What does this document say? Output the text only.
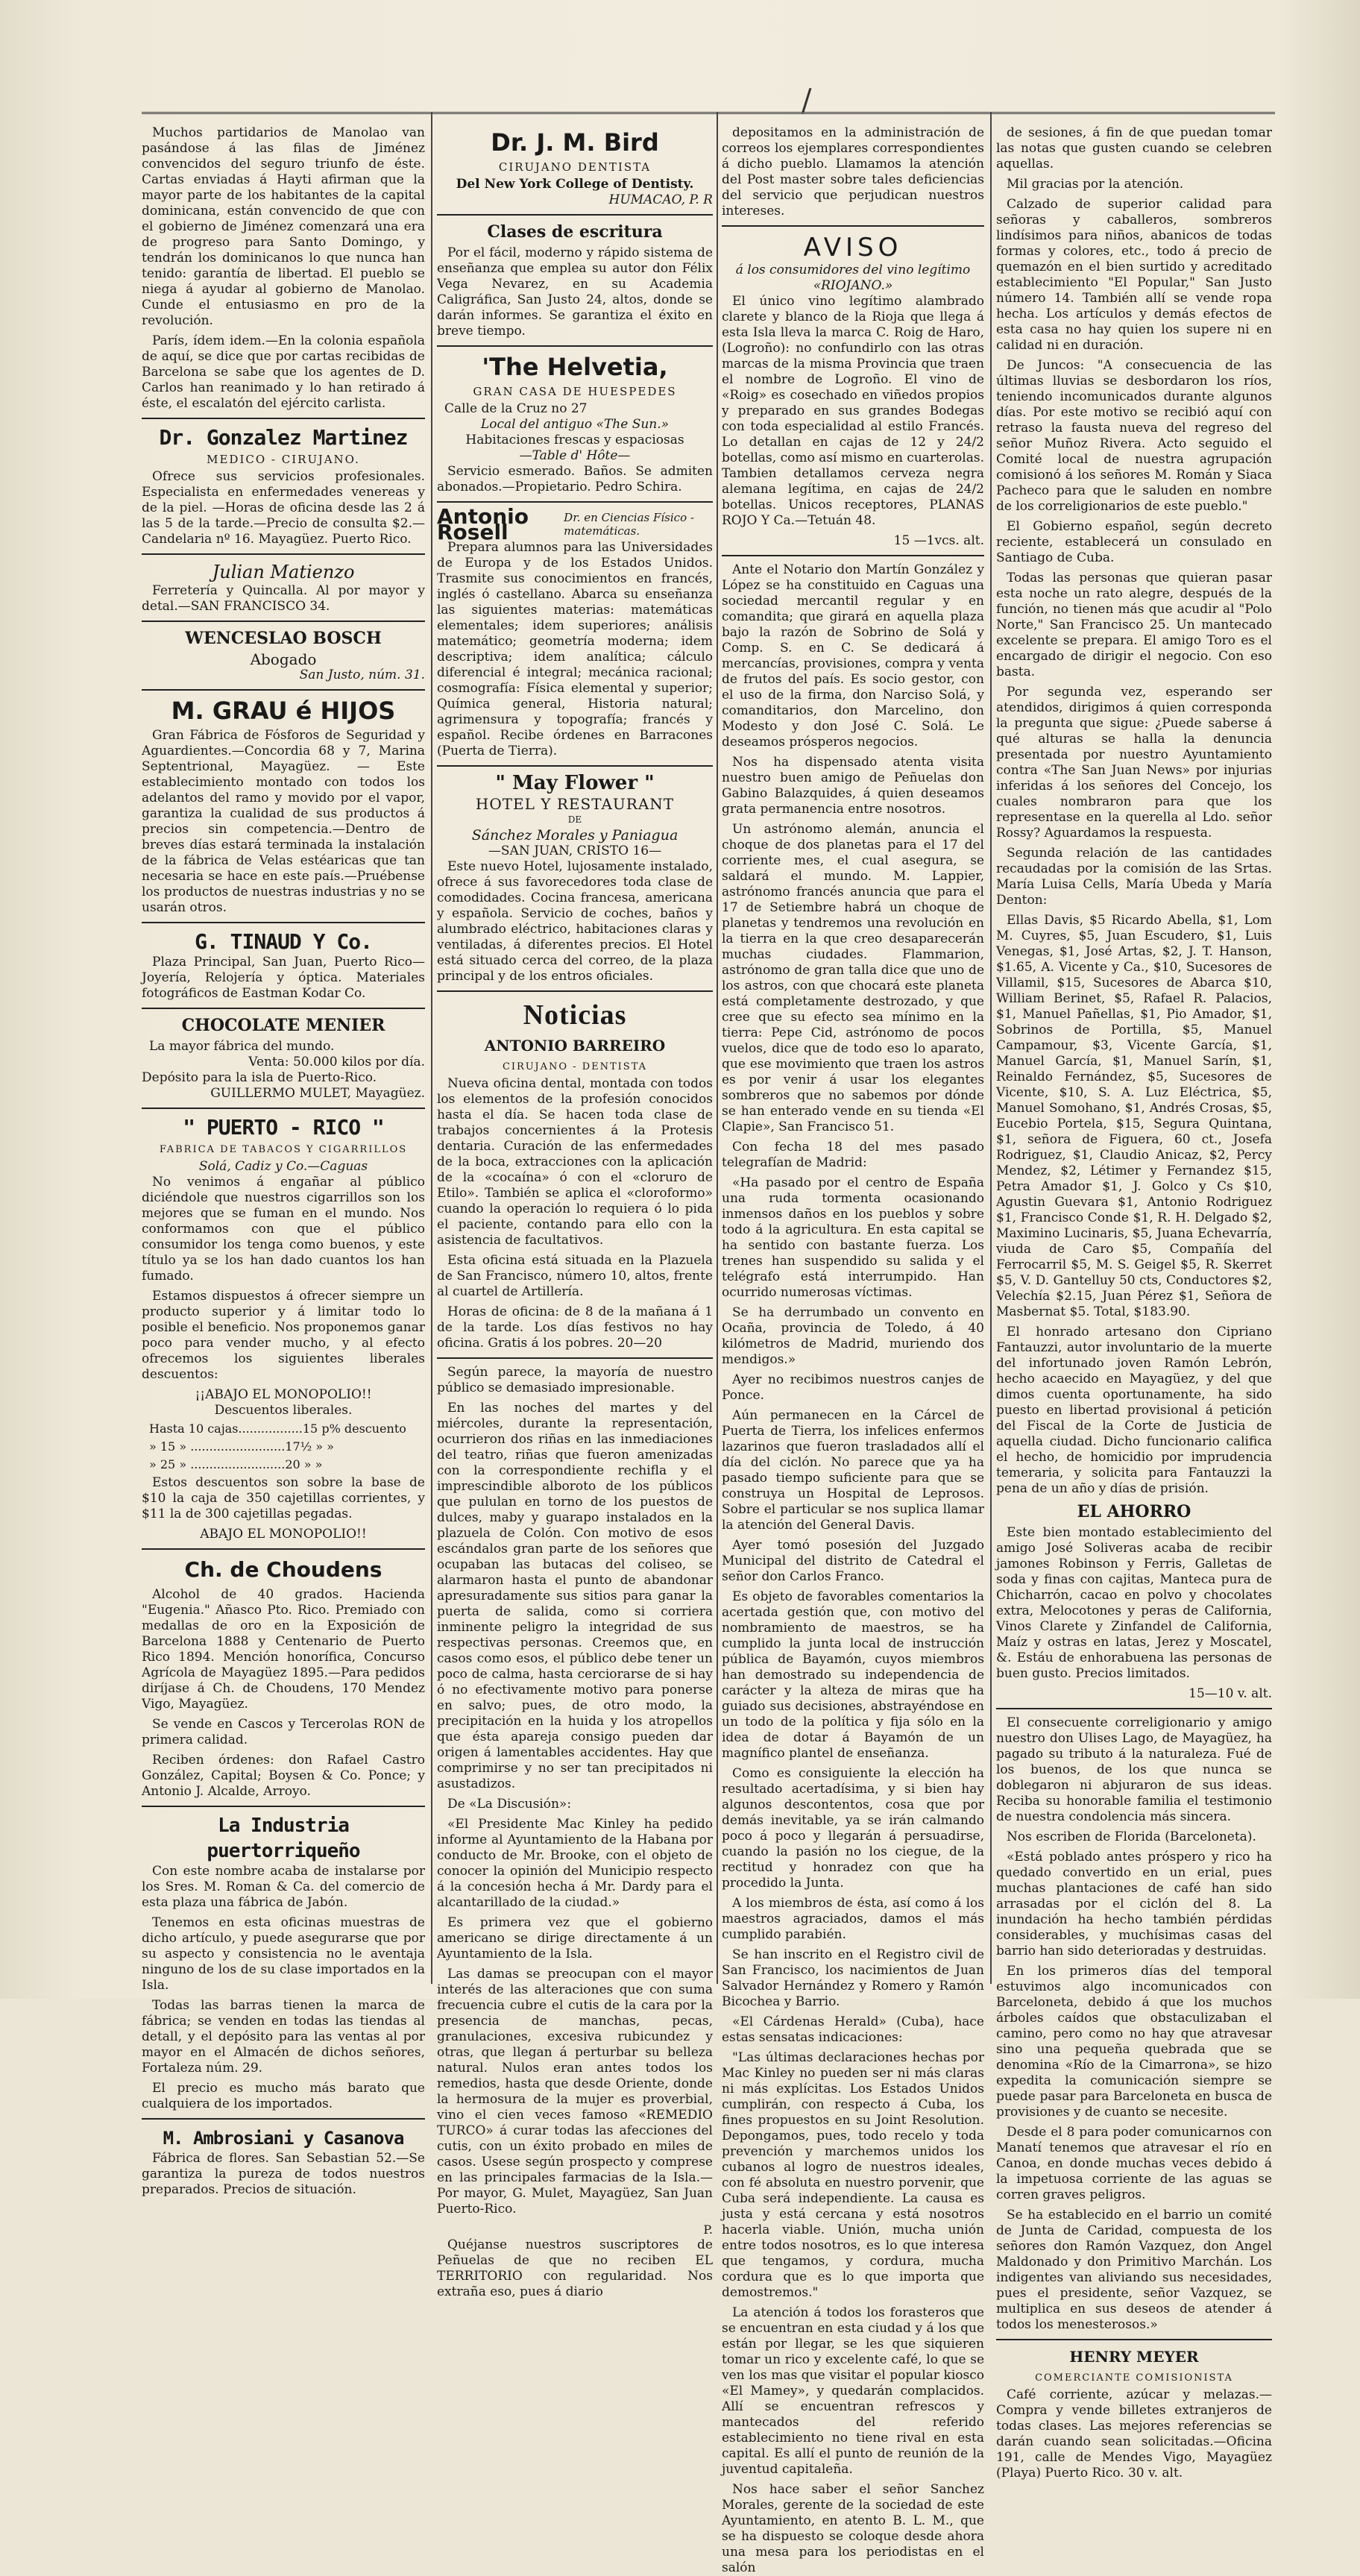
/

Muchos partidarios de Manolao van pasándose á las filas de Jiménez convencidos del seguro triunfo de éste. Cartas enviadas á Hayti afirman que la mayor parte de los habitantes de la capital dominicana, están convencido de que con el gobierno de Jiménez comenzará una era de progreso para Santo Domingo, y tendrán los dominicanos lo que nunca han tenido: garantía de libertad. El pueblo se niega á ayudar al gobierno de Manolao. Cunde el entusiasmo en pro de la revolución.

París, ídem idem.—En la colonia española de aquí, se dice que por cartas recibidas de Barcelona se sabe que los agentes de D. Carlos han reanimado y lo han retirado á éste, el escalatón del ejército carlista.

Dr. Gonzalez Martinez
MEDICO - CIRUJANO.

Ofrece sus servicios profesionales. Especialista en enfermedades venereas y de la piel. —Horas de oficina desde las 2 á las 5 de la tarde.—Precio de consulta $2.—Candelaria nº 16. Mayagüez. Puerto Rico.

Julian Matienzo

Ferretería y Quincalla. Al por mayor y detal.—SAN FRANCISCO 34.

WENCESLAO BOSCH
Abogado
San Justo, núm. 31.
M. GRAU é HIJOS

Gran Fábrica de Fósforos de Seguridad y Aguardientes.—Concordia 68 y 7, Marina Septentrional, Mayagüez. — Este establecimiento montado con todos los adelantos del ramo y movido por el vapor, garantiza la cualidad de sus productos á precios sin competencia.—Dentro de breves días estará terminada la instalación de la fábrica de Velas estéaricas que tan necesaria se hace en este país.—Pruébense los productos de nuestras industrias y no se usarán otros.

G. TINAUD Y Co.

Plaza Principal, San Juan, Puerto Rico—Joyería, Relojería y óptica. Materiales fotográficos de Eastman Kodar Co.

CHOCOLATE MENIER
La mayor fábrica del mundo.
Venta: 50.000 kilos por día.
Depósito para la isla de Puerto-Rico.
GUILLERMO MULET, Mayagüez.
" PUERTO - RICO "
FABRICA DE TABACOS Y CIGARRILLOS
Solá, Cadiz y Co.—Caguas

No venimos á engañar al público diciéndole que nuestros cigarrillos son los mejores que se fuman en el mundo. Nos conformamos con que el público consumidor los tenga como buenos, y este título ya se los han dado cuantos los han fumado.

Estamos dispuestos á ofrecer siempre un producto superior y á limitar todo lo posible el beneficio. Nos proponemos ganar poco para vender mucho, y al efecto ofrecemos los siguientes liberales descuentos:

¡¡ABAJO EL MONOPOLIO!!
Descuentos liberales.
Hasta 10 cajas.................15 p% descuento
» 15 » .........................17½ » »
» 25 » .........................20 » »

Estos descuentos son sobre la base de $10 la caja de 350 cajetillas corrientes, y $11 la de 300 cajetillas pegadas.

ABAJO EL MONOPOLIO!!
Ch. de Choudens

Alcohol de 40 grados. Hacienda "Eugenia." Añasco Pto. Rico. Premiado con medallas de oro en la Exposición de Barcelona 1888 y Centenario de Puerto Rico 1894. Mención honorífica, Concurso Agrícola de Mayagüez 1895.—Para pedidos diríjase á Ch. de Choudens, 170 Mendez Vigo, Mayagüez.

Se vende en Cascos y Tercerolas RON de primera calidad.

Reciben órdenes: don Rafael Castro González, Capital; Boysen & Co. Ponce; y Antonio J. Alcalde, Arroyo.

La Industria puertorriqueño

Con este nombre acaba de instalarse por los Sres. M. Roman & Ca. del comercio de esta plaza una fábrica de Jabón.

Tenemos en esta oficinas muestras de dicho artículo, y puede asegurarse que por su aspecto y consistencia no le aventaja ninguno de los de su clase importados en la Isla.

Todas las barras tienen la marca de fábrica; se venden en todas las tiendas al detall, y el depósito para las ventas al por mayor en el Almacén de dichos señores, Fortaleza núm. 29.

El precio es mucho más barato que cualquiera de los importados.

M. Ambrosiani y Casanova

Fábrica de flores. San Sebastian 52.—Se garantiza la pureza de todos nuestros preparados. Precios de situación.

Dr. J. M. Bird
CIRUJANO DENTISTA
Del New York College of Dentisty.
HUMACAO, P. R
Clases de escritura

Por el fácil, moderno y rápido sistema de enseñanza que emplea su autor don Félix Vega Nevarez, en su Academia Caligráfica, San Justo 24, altos, donde se darán informes. Se garantiza el éxito en breve tiempo.

'The Helvetia,
GRAN CASA DE HUESPEDES
Calle de la Cruz no 27
Local del antiguo «The Sun.»
Habitaciones frescas y espaciosas
—Table d' Hôte—

Servicio esmerado. Baños. Se admiten abonados.—Propietario. Pedro Schira.

Antonio Rosell
Dr. en Ciencias Físico - matemáticas.

Prepara alumnos para las Universidades de Europa y de los Estados Unidos. Trasmite sus conocimientos en francés, inglés ó castellano. Abarca su enseñanza las siguientes materias: matemáticas elementales; idem superiores; análisis matemático; geometría moderna; idem descriptiva; idem analítica; cálculo diferencial é integral; mecánica racional; cosmografía: Física elemental y superior; Química general, Historia natural; agrimensura y topografía; francés y español. Recibe órdenes en Barracones (Puerta de Tierra).

" May Flower "
HOTEL Y RESTAURANT
DE
Sánchez Morales y Paniagua
—SAN JUAN, CRISTO 16—

Este nuevo Hotel, lujosamente instalado, ofrece á sus favorecedores toda clase de comodidades. Cocina francesa, americana y española. Servicio de coches, baños y alumbrado eléctrico, habitaciones claras y ventiladas, á diferentes precios. El Hotel está situado cerca del correo, de la plaza principal y de los entros oficiales.

Noticias
ANTONIO BARREIRO
CIRUJANO - DENTISTA

Nueva oficina dental, montada con todos los elementos de la profesión conocidos hasta el día. Se hacen toda clase de trabajos concernientes á la Protesis dentaria. Curación de las enfermedades de la boca, extracciones con la aplicación de la «cocaína» ó con el «cloruro de Etilo». También se aplica el «cloroformo» cuando la operación lo requiera ó lo pida el paciente, contando para ello con la asistencia de facultativos.

Esta oficina está situada en la Plazuela de San Francisco, número 10, altos, frente al cuartel de Artillería.

Horas de oficina: de 8 de la mañana á 1 de la tarde. Los días festivos no hay oficina. Gratis á los pobres. 20—20

Según parece, la mayoría de nuestro público se demasiado impresionable.

En las noches del martes y del miércoles, durante la representación, ocurrieron dos riñas en las inmediaciones del teatro, riñas que fueron amenizadas con la correspondiente rechifla y el imprescindible alboroto de los públicos que pululan en torno de los puestos de dulces, maby y guarapo instalados en la plazuela de Colón. Con motivo de esos escándalos gran parte de los señores que ocupaban las butacas del coliseo, se alarmaron hasta el punto de abandonar apresuradamente sus sitios para ganar la puerta de salida, como si corriera inminente peligro la integridad de sus respectivas personas. Creemos que, en casos como esos, el público debe tener un poco de calma, hasta cerciorarse de si hay ó no efectivamente motivo para ponerse en salvo; pues, de otro modo, la precipitación en la huida y los atropellos que ésta apareja consigo pueden dar origen á lamentables accidentes. Hay que comprimirse y no ser tan precipitados ni asustadizos.

De «La Discusión»:

«El Presidente Mac Kinley ha pedido informe al Ayuntamiento de la Habana por conducto de Mr. Brooke, con el objeto de conocer la opinión del Municipio respecto á la concesión hecha á Mr. Dardy para el alcantarillado de la ciudad.»

Es primera vez que el gobierno americano se dirige directamente á un Ayuntamiento de la Isla.

Las damas se preocupan con el mayor interés de las alteraciones que con suma frecuencia cubre el cutis de la cara por la presencia de manchas, pecas, granulaciones, excesiva rubicundez y otras, que llegan á perturbar su belleza natural. Nulos eran antes todos los remedios, hasta que desde Oriente, donde la hermosura de la mujer es proverbial, vino el cien veces famoso «REMEDIO TURCO» á curar todas las afecciones del cutis, con un éxito probado en miles de casos. Usese según prospecto y comprese en las principales farmacias de la Isla.—Por mayor, G. Mulet, Mayagüez, San Juan Puerto-Rico.

P.

Quéjanse nuestros suscriptores de Peñuelas de que no reciben EL TERRITORIO con regularidad. Nos extraña eso, pues á diario

depositamos en la administración de correos los ejemplares correspondientes á dicho pueblo. Llamamos la atención del Post master sobre tales deficiencias del servicio que perjudican nuestros intereses.

AVISO
á los consumidores del vino legítimo «RIOJANO.»

El único vino legítimo alambrado clarete y blanco de la Rioja que llega á esta Isla lleva la marca C. Roig de Haro, (Logroño): no confundirlo con las otras marcas de la misma Provincia que traen el nombre de Logroño. El vino de «Roig» es cosechado en viñedos propios y preparado en sus grandes Bodegas con toda especialidad al estilo Francés. Lo detallan en cajas de 12 y 24/2 botellas, como así mismo en cuarterolas. Tambien detallamos cerveza negra alemana legítima, en cajas de 24/2 botellas. Unicos receptores, PLANAS ROJO Y Ca.—Tetuán 48.

15 —1vcs. alt.

Ante el Notario don Martín González y López se ha constituido en Caguas una sociedad mercantil regular y en comandita; que girará en aquella plaza bajo la razón de Sobrino de Solá y Comp. S. en C. Se dedicará á mercancías, provisiones, compra y venta de frutos del país. Es socio gestor, con el uso de la firma, don Narciso Solá, y comanditarios, don Marcelino, don Modesto y don José C. Solá. Le deseamos prósperos negocios.

Nos ha dispensado atenta visita nuestro buen amigo de Peñuelas don Gabino Balazquides, á quien deseamos grata permanencia entre nosotros.

Un astrónomo alemán, anuncia el choque de dos planetas para el 17 del corriente mes, el cual asegura, se saldará el mundo. M. Lappier, astrónomo francés anuncia que para el 17 de Setiembre habrá un choque de planetas y tendremos una revolución en la tierra en la que creo desaparecerán muchas ciudades. Flammarion, astrónomo de gran talla dice que uno de los astros, con que chocará este planeta está completamente destrozado, y que cree que su efecto sea mínimo en la tierra: Pepe Cid, astrónomo de pocos vuelos, dice que de todo eso lo aparato, que ese movimiento que traen los astros es por venir á usar los elegantes sombreros que no sabemos por dónde se han enterado vende en su tienda «El Clapie», San Francisco 51.

Con fecha 18 del mes pasado telegrafían de Madrid:

«Ha pasado por el centro de España una ruda tormenta ocasionando inmensos daños en los pueblos y sobre todo á la agricultura. En esta capital se ha sentido con bastante fuerza. Los trenes han suspendido su salida y el telégrafo está interrumpido. Han ocurrido numerosas víctimas.

Se ha derrumbado un convento en Ocaña, provincia de Toledo, á 40 kilómetros de Madrid, muriendo dos mendigos.»

Ayer no recibimos nuestros canjes de Ponce.

Aún permanecen en la Cárcel de Puerta de Tierra, los infelices enfermos lazarinos que fueron trasladados allí el día del ciclón. No parece que ya ha pasado tiempo suficiente para que se construya un Hospital de Leprosos. Sobre el particular se nos suplica llamar la atención del General Davis.

Ayer tomó posesión del Juzgado Municipal del distrito de Catedral el señor don Carlos Franco.

Es objeto de favorables comentarios la acertada gestión que, con motivo del nombramiento de maestros, se ha cumplido la junta local de instrucción pública de Bayamón, cuyos miembros han demostrado su independencia de carácter y la alteza de miras que ha guiado sus decisiones, abstrayéndose en un todo de la política y fija sólo en la idea de dotar á Bayamón de un magnífico plantel de enseñanza.

Como es consiguiente la elección ha resultado acertadísima, y si bien hay algunos descontentos, cosa que por demás inevitable, ya se irán calmando poco á poco y llegarán á persuadirse, cuando la pasión no los ciegue, de la rectitud y honradez con que ha procedido la Junta.

A los miembros de ésta, así como á los maestros agraciados, damos el más cumplido parabién.

Se han inscrito en el Registro civil de San Francisco, los nacimientos de Juan Salvador Hernández y Romero y Ramón Bicochea y Barrio.

«El Cárdenas Herald» (Cuba), hace estas sensatas indicaciones:

"Las últimas declaraciones hechas por Mac Kinley no pueden ser ni más claras ni más explícitas. Los Estados Unidos cumplirán, con respecto á Cuba, los fines propuestos en su Joint Resolution. Depongamos, pues, todo recelo y toda prevención y marchemos unidos los cubanos al logro de nuestros ideales, con fé absoluta en nuestro porvenir, que Cuba será independiente. La causa es justa y está cercana y está nosotros hacerla viable. Unión, mucha unión entre todos nosotros, es lo que interesa que tengamos, y cordura, mucha cordura que es lo que importa que demostremos."

La atención á todos los forasteros que se encuentran en esta ciudad y á los que están por llegar, se les que siquieren tomar un rico y excelente café, lo que se ven los mas que visitar el popular kiosco «El Mamey», y quedarán complacidos. Allí se encuentran refrescos y mantecados del referido establecimiento no tiene rival en esta capital. Es allí el punto de reunión de la juventud capitaleña.

Nos hace saber el señor Sanchez Morales, gerente de la sociedad de este Ayuntamiento, en atento B. L. M., que se ha dispuesto se coloque desde ahora una mesa para los periodistas en el salón

de sesiones, á fin de que puedan tomar las notas que gusten cuando se celebren aquellas.

Mil gracias por la atención.

Calzado de superior calidad para señoras y caballeros, sombreros lindísimos para niños, abanicos de todas formas y colores, etc., todo á precio de quemazón en el bien surtido y acreditado establecimiento "El Popular," San Justo número 14. También allí se vende ropa hecha. Los artículos y demás efectos de esta casa no hay quien los supere ni en calidad ni en duración.

De Juncos: "A consecuencia de las últimas lluvias se desbordaron los ríos, teniendo incomunicados durante algunos días. Por este motivo se recibió aquí con retraso la fausta nueva del regreso del señor Muñoz Rivera. Acto seguido el Comité local de nuestra agrupación comisionó á los señores M. Román y Siaca Pacheco para que le saluden en nombre de los correligionarios de este pueblo."

El Gobierno español, según decreto reciente, establecerá un consulado en Santiago de Cuba.

Todas las personas que quieran pasar esta noche un rato alegre, después de la función, no tienen más que acudir al "Polo Norte," San Francisco 25. Un mantecado excelente se prepara. El amigo Toro es el encargado de dirigir el negocio. Con eso basta.

Por segunda vez, esperando ser atendidos, dirigimos á quien corresponda la pregunta que sigue: ¿Puede saberse á qué alturas se halla la denuncia presentada por nuestro Ayuntamiento contra «The San Juan News» por injurias inferidas á los señores del Concejo, los cuales nombraron para que los representase en la querella al Ldo. señor Rossy? Aguardamos la respuesta.

Segunda relación de las cantidades recaudadas por la comisión de las Srtas. María Luisa Cells, María Ubeda y María Denton:

Ellas Davis, $5 Ricardo Abella, $1, Lom M. Cuyres, $5, Juan Escudero, $1, Luis Venegas, $1, José Artas, $2, J. T. Hanson, $1.65, A. Vicente y Ca., $10, Sucesores de Villamil, $15, Sucesores de Abarca $10, William Berinet, $5, Rafael R. Palacios, $1, Manuel Pañellas, $1, Pio Amador, $1, Sobrinos de Portilla, $5, Manuel Campamour, $3, Vicente García, $1, Manuel García, $1, Manuel Sarín, $1, Reinaldo Fernández, $5, Sucesores de Vicente, $10, S. A. Luz Eléctrica, $5, Manuel Somohano, $1, Andrés Crosas, $5, Eucebio Portela, $15, Segura Quintana, $1, señora de Figuera, 60 ct., Josefa Rodriguez, $1, Claudio Anicaz, $2, Percy Mendez, $2, Létimer y Fernandez $15, Petra Amador $1, J. Golco y Cs $10, Agustin Guevara $1, Antonio Rodriguez $1, Francisco Conde $1, R. H. Delgado $2, Maximino Lucinaris, $5, Juana Echevarría, viuda de Caro $5, Compañía del Ferrocarril $5, M. S. Geigel $5, R. Skerret $5, V. D. Gantelluy 50 cts, Conductores $2, Velechía $2.15, Juan Pérez $1, Señora de Masbernat $5. Total, $183.90.

El honrado artesano don Cipriano Fantauzzi, autor involuntario de la muerte del infortunado joven Ramón Lebrón, hecho acaecido en Mayagüez, y del que dimos cuenta oportunamente, ha sido puesto en libertad provisional á petición del Fiscal de la Corte de Justicia de aquella ciudad. Dicho funcionario califica el hecho, de homicidio por imprudencia temeraria, y solicita para Fantauzzi la pena de un año y días de prisión.

EL AHORRO

Este bien montado establecimiento del amigo José Soliveras acaba de recibir jamones Robinson y Ferris, Galletas de soda y finas con cajitas, Manteca pura de Chicharrón, cacao en polvo y chocolates extra, Melocotones y peras de California, Vinos Clarete y Zinfandel de California, Maíz y ostras en latas, Jerez y Moscatel, &. Estáu de enhorabuena las personas de buen gusto. Precios limitados.

15—10 v. alt.

El consecuente correligionario y amigo nuestro don Ulises Lago, de Mayagüez, ha pagado su tributo á la naturaleza. Fué de los buenos, de los que nunca se doblegaron ni abjuraron de sus ideas. Reciba su honorable familia el testimonio de nuestra condolencia más sincera.

Nos escriben de Florida (Barceloneta).

«Está poblado antes próspero y rico ha quedado convertido en un erial, pues muchas plantaciones de café han sido arrasadas por el ciclón del 8. La inundación ha hecho también pérdidas considerables, y muchísimas casas del barrio han sido deterioradas y destruidas.

En los primeros días del temporal estuvimos algo incomunicados con Barceloneta, debido á que los muchos árboles caídos que obstaculizaban el camino, pero como no hay que atravesar sino una pequeña quebrada que se denomina «Río de la Cimarrona», se hizo expedita la comunicación siempre se puede pasar para Barceloneta en busca de provisiones y de cuanto se necesite.

Desde el 8 para poder comunicarnos con Manatí tenemos que atravesar el río en Canoa, en donde muchas veces debido á la impetuosa corriente de las aguas se corren graves peligros.

Se ha establecido en el barrio un comité de Junta de Caridad, compuesta de los señores don Ramón Vazquez, don Angel Maldonado y don Primitivo Marchán. Los indigentes van aliviando sus necesidades, pues el presidente, señor Vazquez, se multiplica en sus deseos de atender á todos los menesterosos.»

HENRY MEYER
COMERCIANTE COMISIONISTA

Café corriente, azúcar y melazas.—Compra y vende billetes extranjeros de todas clases. Las mejores referencias se darán cuando sean solicitadas.—Oficina 191, calle de Mendes Vigo, Mayagüez (Playa) Puerto Rico. 30 v. alt.
